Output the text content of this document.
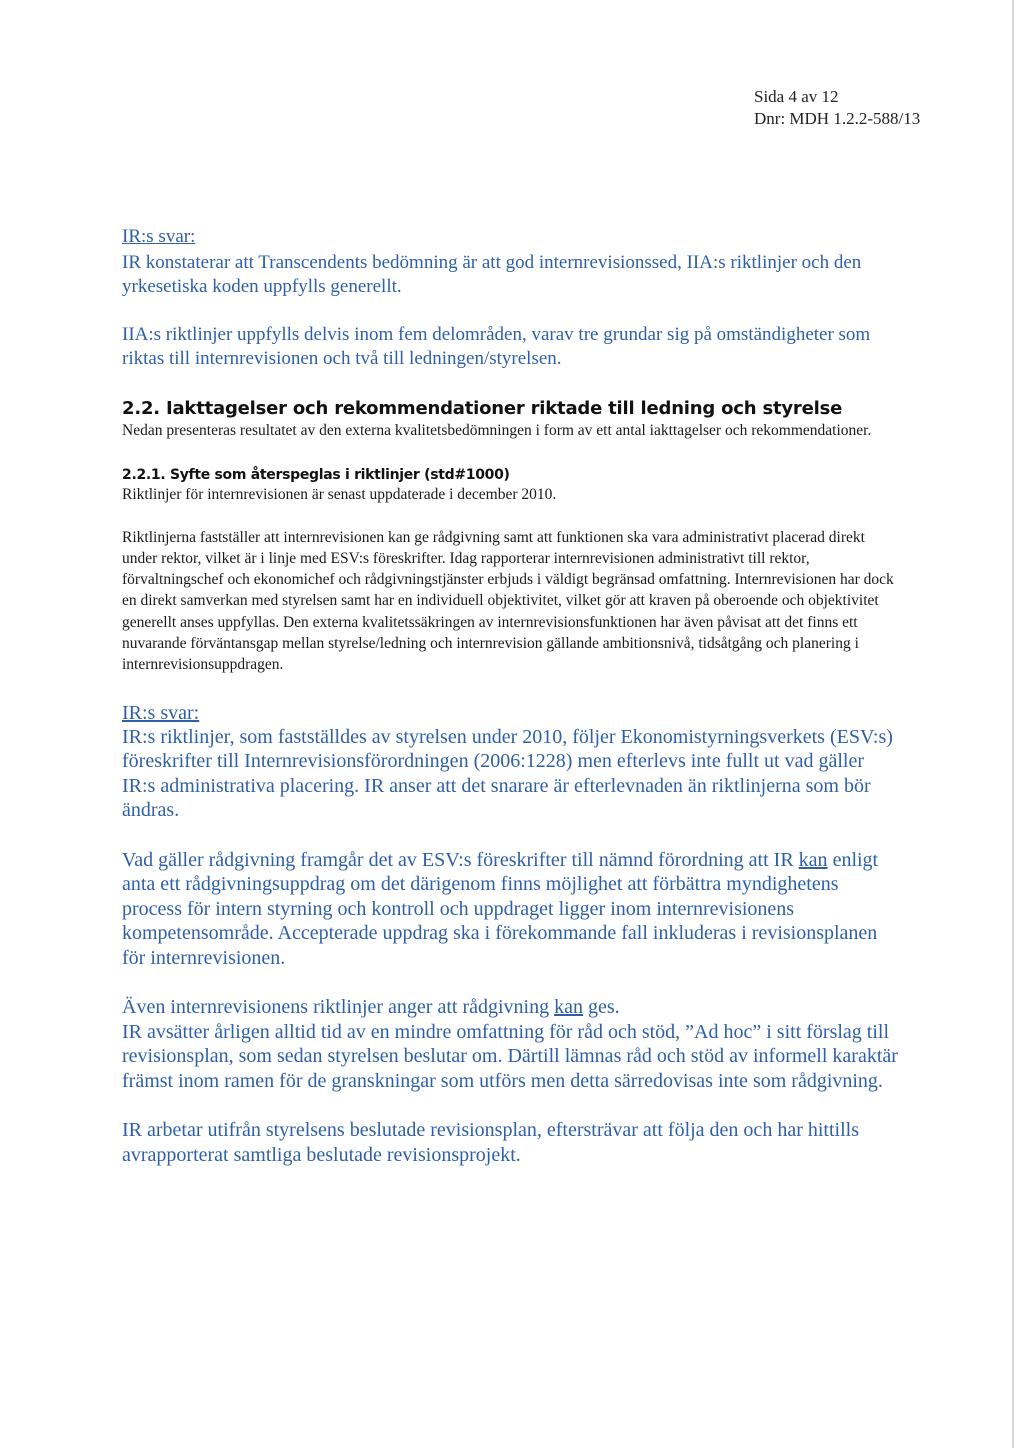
Sida 4 av 12
Dnr: MDH 1.2.2-588/13

IR:s svar:

IR konstaterar att Transcendents bedömning är att god internrevisionssed, IIA:s riktlinjer och den yrkesetiska koden uppfylls generellt.

IIA:s riktlinjer uppfylls delvis inom fem delområden, varav tre grundar sig på omständigheter som riktas till internrevisionen och två till ledningen/styrelsen.

2.2. Iakttagelser och rekommendationer riktade till ledning och styrelse

Nedan presenteras resultatet av den externa kvalitetsbedömningen i form av ett antal iakttagelser och rekommendationer.

2.2.1. Syfte som återspeglas i riktlinjer (std#1000)

Riktlinjer för internrevisionen är senast uppdaterade i december 2010.

Riktlinjerna fastställer att internrevisionen kan ge rådgivning samt att funktionen ska vara administrativt placerad direkt under rektor, vilket är i linje med ESV:s föreskrifter. Idag rapporterar internrevisionen administrativt till rektor, förvaltningschef och ekonomichef och rådgivningstjänster erbjuds i väldigt begränsad omfattning. Internrevisionen har dock en direkt samverkan med styrelsen samt har en individuell objektivitet, vilket gör att kraven på oberoende och objektivitet generellt anses uppfyllas. Den externa kvalitetssäkringen av internrevisionsfunktionen har även påvisat att det finns ett nuvarande förväntansgap mellan styrelse/ledning och internrevision gällande ambitionsnivå, tidsåtgång och planering i internrevisionsuppdragen.

IR:s svar:

IR:s riktlinjer, som fastställdes av styrelsen under 2010, följer Ekonomistyrningsverkets (ESV:s) föreskrifter till Internrevisionsförordningen (2006:1228) men efterlevs inte fullt ut vad gäller IR:s administrativa placering. IR anser att det snarare är efterlevnaden än riktlinjerna som bör ändras.

Vad gäller rådgivning framgår det av ESV:s föreskrifter till nämnd förordning att IR kan enligt anta ett rådgivningsuppdrag om det därigenom finns möjlighet att förbättra myndighetens process för intern styrning och kontroll och uppdraget ligger inom internrevisionens kompetensområde. Accepterade uppdrag ska i förekommande fall inkluderas i revisionsplanen för internrevisionen.

Även internrevisionens riktlinjer anger att rådgivning kan ges.

IR avsätter årligen alltid tid av en mindre omfattning för råd och stöd, ”Ad hoc” i sitt förslag till revisionsplan, som sedan styrelsen beslutar om. Därtill lämnas råd och stöd av informell karaktär främst inom ramen för de granskningar som utförs men detta särredovisas inte som rådgivning.

IR arbetar utifrån styrelsens beslutade revisionsplan, eftersträvar att följa den och har hittills avrapporterat samtliga beslutade revisionsprojekt.
